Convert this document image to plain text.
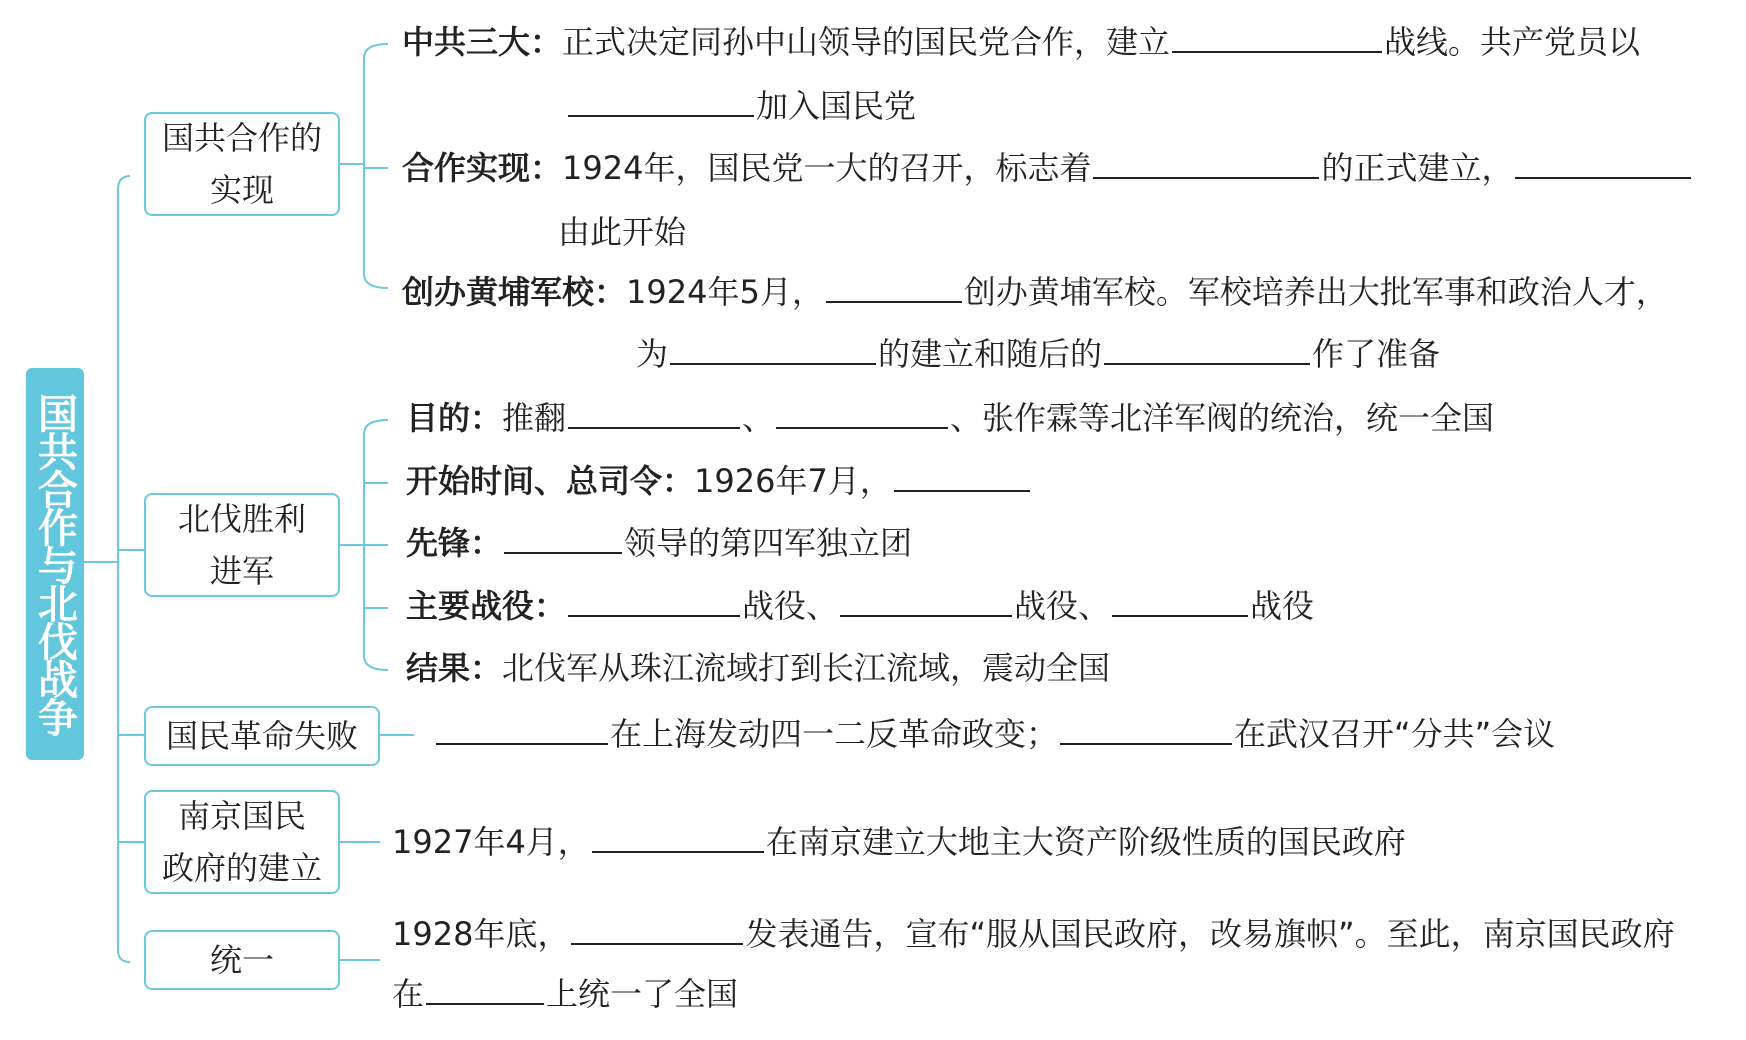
国共合作与北伐战争
国共合作的
实现
北伐胜利
进军
国民革命失败
南京国民
政府的建立
统一
中共三大：正式决定同孙中山领导的国民党合作，建立	战线。共产党员以
加入国民党
合作实现：1924年，国民党一大的召开，标志着	的正式建立，
由此开始
创办黄埔军校：1924年5月，	创办黄埔军校。军校培养出大批军事和政治人才，
为	的建立和随后的	作了准备
目的：推翻	、	、张作霖等北洋军阀的统治，统一全国
开始时间、总司令：1926年7月，
先锋：	领导的第四军独立团
主要战役：	战役、	战役、	战役
结果：北伐军从珠江流域打到长江流域，震动全国
在上海发动四一二反革命政变；	在武汉召开“分共”会议
1927年4月，	在南京建立大地主大资产阶级性质的国民政府
1928年底，	发表通告，宣布“服从国民政府，改易旗帜”。至此，南京国民政府
在	上统一了全国
